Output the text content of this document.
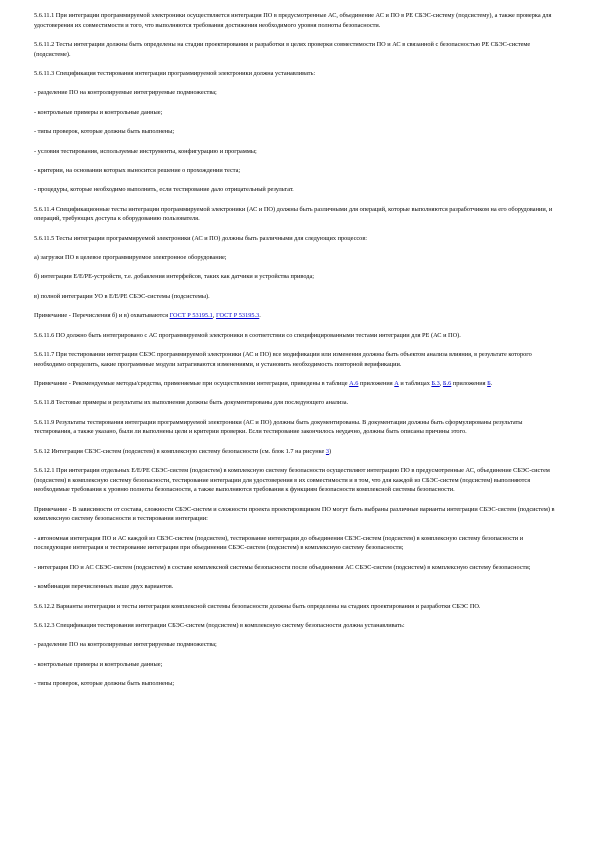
5.6.11.1 При интеграции программируемой электроники осуществляется интеграция ПО в предусмотренные АС, объединение АС и ПО в РЕ СБЭС-систему (подсистему), а также проверка для удостоверения их совместимости и того, что выполняются требования достижения необходимого уровня полноты безопасности.

5.6.11.2 Тесты интеграции должны быть определены на стадии проектирования и разработки в целях проверки совместимости ПО и АС в связанной с безопасностью РЕ СБЭС-системе (подсистеме).

5.6.11.3 Спецификация тестирования интеграции программируемой электроники должна устанавливать:

- разделение ПО на контролируемые интегрируемые подмножества;

- контрольные примеры и контрольные данные;

- типы проверок, которые должны быть выполнены;

- условия тестирования, используемые инструменты, конфигурацию и программы;

- критерии, на основании которых выносится решение о прохождении теста;

- процедуры, которые необходимо выполнить, если тестирование дало отрицательный результат.

5.6.11.4 Спецификационные тесты интеграции программируемой электроники (АС и ПО) должны быть различными для операций, которые выполняются разработчиком на его оборудовании, и операций, требующих доступа к оборудованию пользователя.

5.6.11.5 Тесты интеграции программируемой электроники (АС и ПО) должны быть различными для следующих процессов:

а) загрузки ПО в целевое программируемое электронное оборудование;

б) интеграции Е/Е/РЕ-устройств, т.е. добавления интерфейсов, таких как датчики и устройства привода;

в) полной интеграции УО в Е/Е/РЕ СБЭС-системы (подсистемы).

Примечание - Перечисления б) и в) охватываются ГОСТ Р 53195.1, ГОСТ Р 53195.3.

5.6.11.6 ПО должно быть интегрировано с АС программируемой электроники в соответствии со специфицированными тестами интеграции для РЕ (АС и ПО).

5.6.11.7 При тестировании интеграции СБЭС программируемой электроники (АС и ПО) все модификации или изменения должны быть объектом анализа влияния, в результате которого необходимо определить, какие программные модули затрагиваются изменениями, и установить необходимость повторной верификации.

Примечание - Рекомендуемые методы/средства, применяемые при осуществлении интеграции, приведены в таблице А.6 приложения А и таблицах Б.3, Б.6 приложения Б.

5.6.11.8 Тестовые примеры и результаты их выполнения должны быть документированы для последующего анализа.

5.6.11.9 Результаты тестирования интеграции программируемой электроники (АС и ПО) должны быть документированы. В документации должны быть сформулированы результаты тестирования, а также указано, были ли выполнены цели и критерии проверки. Если тестирование закончилось неудачно, должны быть описаны причины этого.

5.6.12 Интеграция СБЭС-систем (подсистем) в комплексную систему безопасности (см. блок 1.7 на рисунке 3)

5.6.12.1 При интеграции отдельных Е/Е/РЕ СБЭС-систем (подсистем) в комплексную систему безопасности осуществляют интеграцию ПО в предусмотренные АС, объединение СБЭС-систем (подсистем) в комплексную систему безопасности, тестирование интеграции для удостоверения в их совместимости и в том, что для каждой из СБЭС-систем (подсистем) выполняются необходимые требования к уровню полноты безопасности, а также выполняются требования к функциям безопасности комплексной системы безопасности.

Примечание - В зависимости от состава, сложности СБЭС-систем и сложности проекта проектировщиком ПО могут быть выбраны различные варианты интеграции СБЭС-систем (подсистем) в комплексную систему безопасности и тестирования интеграции:

- автономная интеграция ПО и АС каждой из СБЭС-систем (подсистем), тестирование интеграции до объединения СБЭС-систем (подсистем) в комплексную систему безопасности и последующие интеграция и тестирование интеграции при объединении СБЭС-систем (подсистем) в комплексную систему безопасности;

- интеграция ПО и АС СБЭС-систем (подсистем) в составе комплексной системы безопасности после объединения АС СБЭС-систем (подсистем) в комплексную систему безопасности;

- комбинация перечисленных выше двух вариантов.

5.6.12.2 Варианты интеграции и тесты интеграции комплексной системы безопасности должны быть определены на стадиях проектирования и разработки СБЭС ПО.

5.6.12.3 Спецификация тестирования интеграции СБЭС-систем (подсистем) в комплексную систему безопасности должна устанавливать:

- разделение ПО на контролируемые интегрируемые подмножества;

- контрольные примеры и контрольные данные;

- типы проверок, которые должны быть выполнены;
